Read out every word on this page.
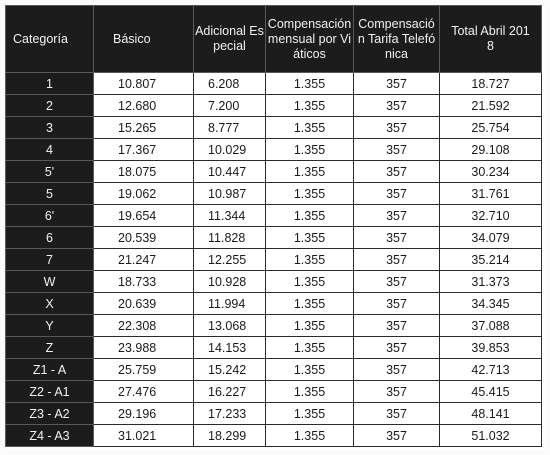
Categoría	Básico	Adicional Especial	Compensación mensual por Viáticos	Compensación Tarifa Telefónica	Total Abril 2018

1	10.807	6.208	1.355	357	18.727
2	12.680	7.200	1.355	357	21.592
3	15.265	8.777	1.355	357	25.754
4	17.367	10.029	1.355	357	29.108
5'	18.075	10.447	1.355	357	30.234
5	19.062	10.987	1.355	357	31.761
6'	19.654	11.344	1.355	357	32.710
6	20.539	11.828	1.355	357	34.079
7	21.247	12.255	1.355	357	35.214
W	18.733	10.928	1.355	357	31.373
X	20.639	11.994	1.355	357	34.345
Y	22.308	13.068	1.355	357	37.088
Z	23.988	14.153	1.355	357	39.853
Z1 - A	25.759	15.242	1.355	357	42.713
Z2 - A1	27.476	16.227	1.355	357	45.415
Z3 - A2	29.196	17.233	1.355	357	48.141
Z4 - A3	31.021	18.299	1.355	357	51.032
